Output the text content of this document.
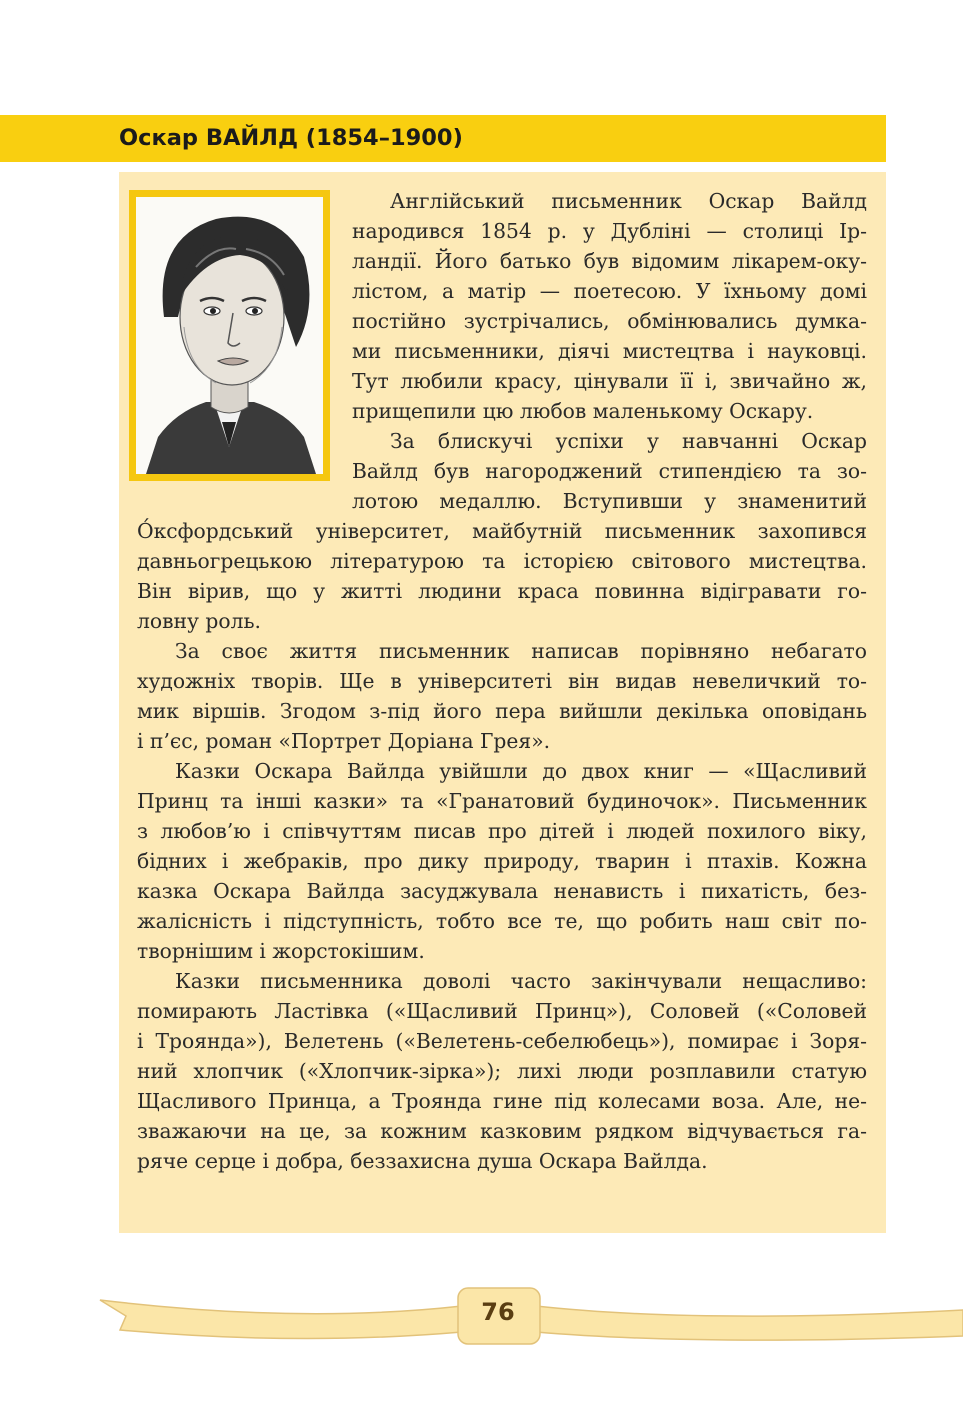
Оскар ВАЙЛД (1854–1900)
Англійський письменник Оскар Вайлд
народився 1854 р. у Дубліні — столиці Ір-
ландії. Його батько був відомим лікарем-оку-
лістом, а матір — поетесою. У їхньому домі
постійно зустрічались, обмінювались думка-
ми письменники, діячі мистецтва і науковці.
Тут любили красу, цінували її і, звичайно ж,
прищепили цю любов маленькому Оскару.
За блискучі успіхи у навчанні Оскар
Вайлд був нагороджений стипендією та зо-
лотою медаллю. Вступивши у знаменитий
О́ксфордський університет, майбутній письменник захопився
давньогрецькою літературою та історією світового мистецтва.
Він вірив, що у житті людини краса повинна відігравати го-
ловну роль.
За своє життя письменник написав порівняно небагато
художніх творів. Ще в університеті він видав невеличкий то-
мик віршів. Згодом з-під його пера вийшли декілька оповідань
і п’єс, роман «Портрет Доріана Грея».
Казки Оскара Вайлда увійшли до двох книг — «Щасливий
Принц та інші казки» та «Гранатовий будиночок». Письменник
з любов’ю і співчуттям писав про дітей і людей похилого віку,
бідних і жебраків, про дику природу, тварин і птахів. Кожна
казка Оскара Вайлда засуджувала ненависть і пихатість, без-
жалісність і підступність, тобто все те, що робить наш світ по-
творнішим і жорстокішим.
Казки письменника доволі часто закінчували нещасливо:
помирають Ластівка («Щасливий Принц»), Соловей («Соловей
і Троянда»), Велетень («Велетень-себелюбець»), помирає і Зоря-
ний хлопчик («Хлопчик-зірка»); лихі люди розплавили статую
Щасливого Принца, а Троянда гине під колесами воза. Але, не-
зважаючи на це, за кожним казковим рядком відчувається га-
ряче серце і добра, беззахисна душа Оскара Вайлда.
76
